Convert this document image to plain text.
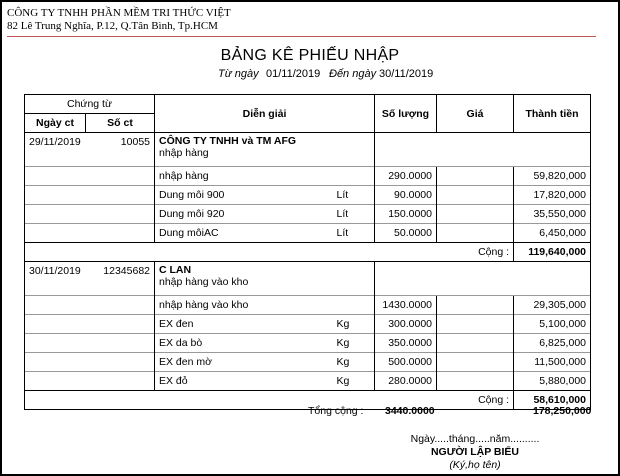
CÔNG TY TNHH PHẦN MỀM TRI THỨC VIỆT
82 Lê Trung Nghĩa, P.12, Q.Tân Bình, Tp.HCM
BẢNG KÊ PHIẾU NHẬP
Từ ngày 01/11/2019 Đến ngày 30/11/2019
Chứng từ		Diễn giải		Số lượng	Giá	Thành tiền
Ngày ct	Số ct					
29/11/2019	10055	CÔNG TY TNHH và TM AFG
nhập hàng				

		nhập hàng		290.0000		59,820,000
		Dung môi 900	Lít	90.0000		17,820,000
		Dung môi 920	Lít	150.0000		35,550,000
		Dung môiAC	Lít	50.0000		6,450,000
				Cộng :		119,640,000
30/11/2019	12345682	C LAN
nhập hàng vào kho				

		nhập hàng vào kho		1430.0000		29,305,000
		EX đen	Kg	300.0000		5,100,000
		EX da bò	Kg	350.0000		6,825,000
		EX đen mờ	Kg	500.0000		11,500,000
		EX đỏ	Kg	280.0000		5,880,000
				Cộng :		58,610,000
Tổng cộng : 3440.0000	178,250,000
Ngày.....tháng.....năm..........
NGƯỜI LẬP BIỂU
(Ký,họ tên)
